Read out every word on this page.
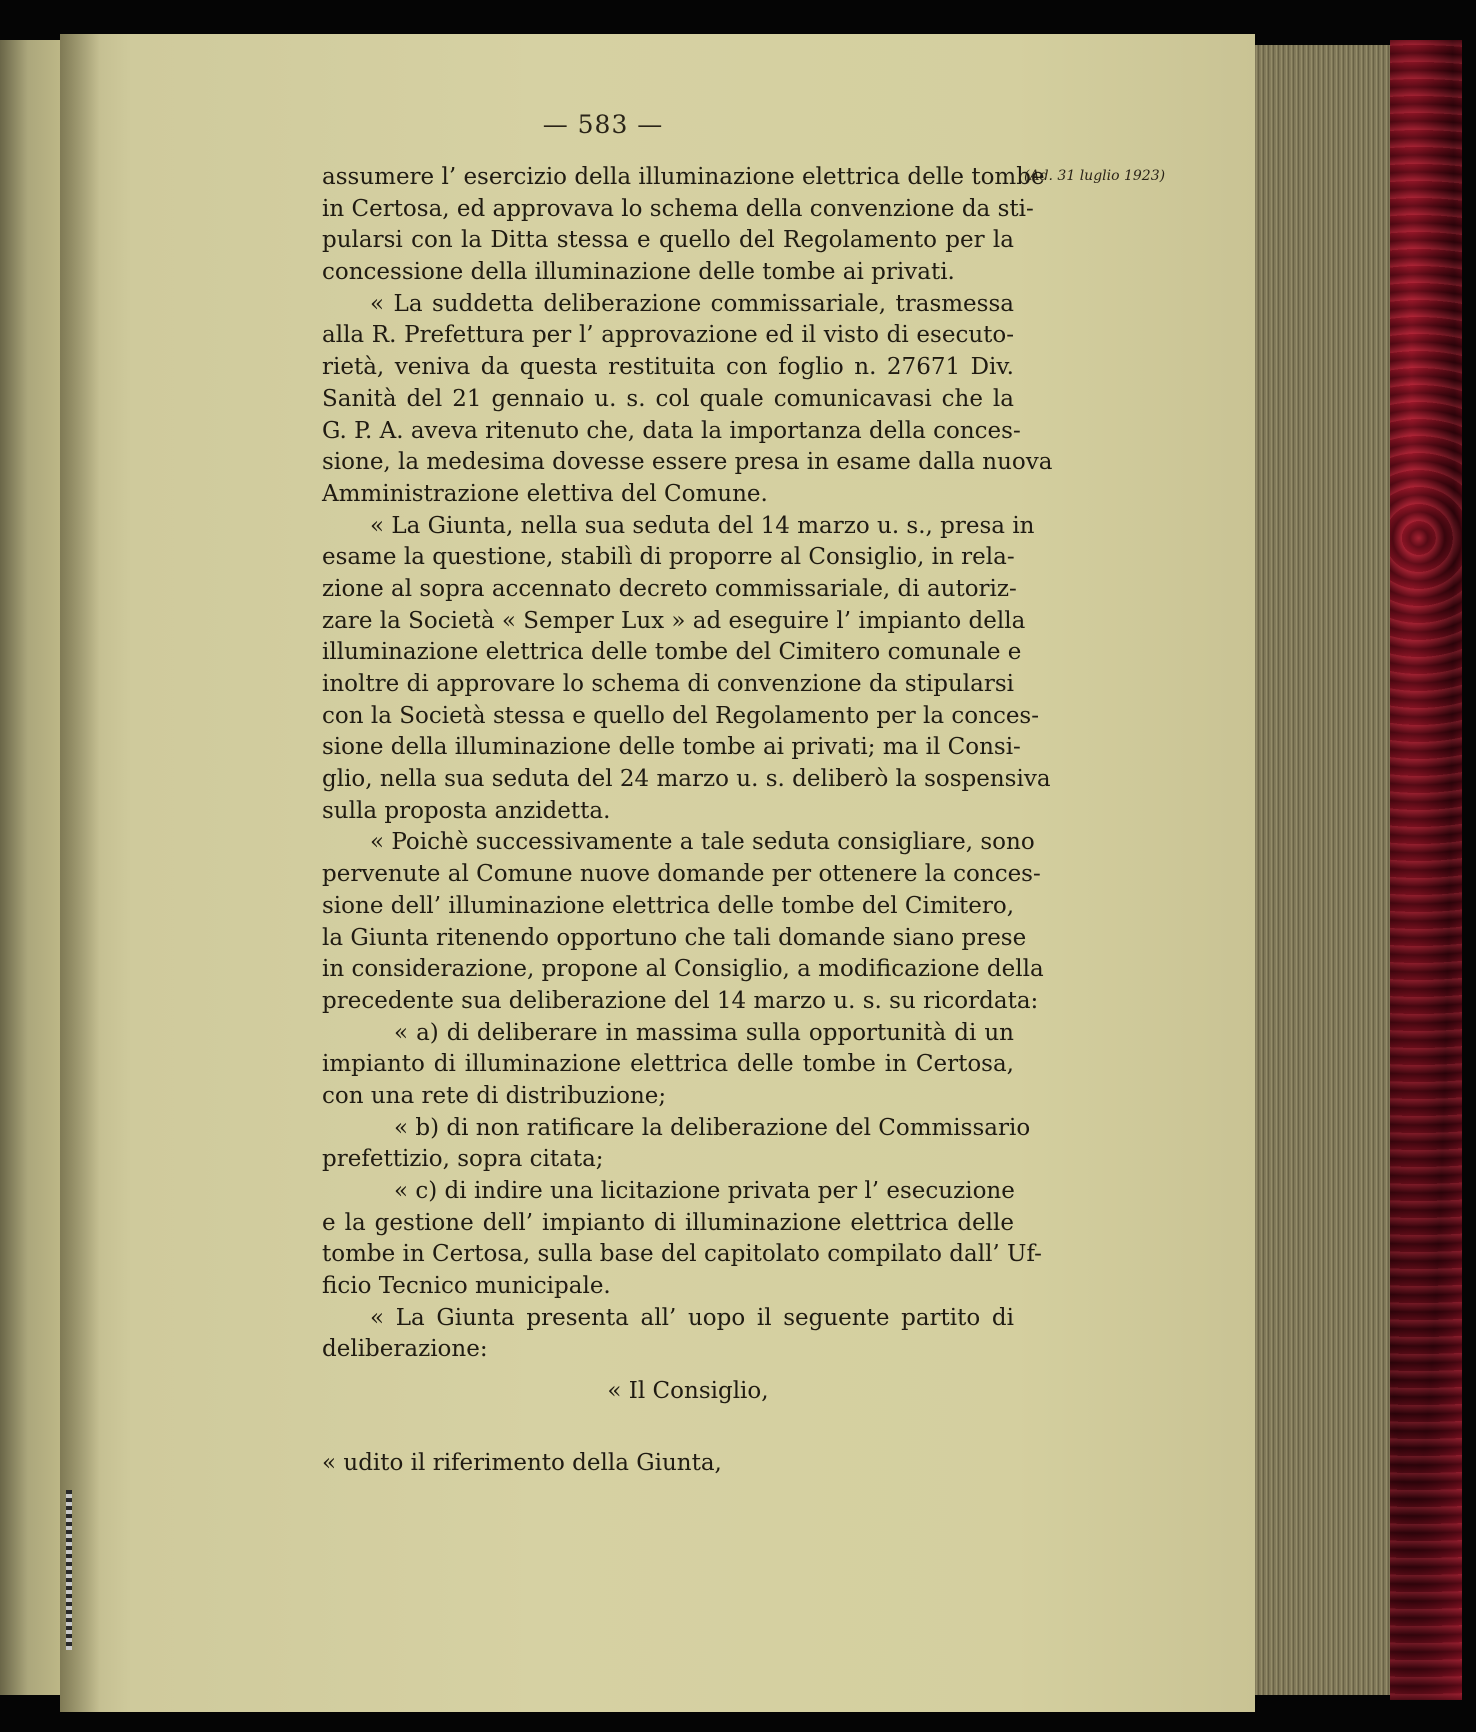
— 583 —
(Ad. 31 luglio 1923)
assumere l’ esercizio della illuminazione elettrica delle tombe
in Certosa, ed approvava lo schema della convenzione da sti-
pularsi con la Ditta stessa e quello del Regolamento per la
concessione della illuminazione delle tombe ai privati.
« La suddetta deliberazione commissariale, trasmessa
alla R. Prefettura per l’ approvazione ed il visto di esecuto-
rietà, veniva da questa restituita con foglio n. 27671 Div.
Sanità del 21 gennaio u. s. col quale comunicavasi che la
G. P. A. aveva ritenuto che, data la importanza della conces-
sione, la medesima dovesse essere presa in esame dalla nuova
Amministrazione elettiva del Comune.
« La Giunta, nella sua seduta del 14 marzo u. s., presa in
esame la questione, stabilì di proporre al Consiglio, in rela-
zione al sopra accennato decreto commissariale, di autoriz-
zare la Società « Semper Lux » ad eseguire l’ impianto della
illuminazione elettrica delle tombe del Cimitero comunale e
inoltre di approvare lo schema di convenzione da stipularsi
con la Società stessa e quello del Regolamento per la conces-
sione della illuminazione delle tombe ai privati; ma il Consi-
glio, nella sua seduta del 24 marzo u. s. deliberò la sospensiva
sulla proposta anzidetta.
« Poichè successivamente a tale seduta consigliare, sono
pervenute al Comune nuove domande per ottenere la conces-
sione dell’ illuminazione elettrica delle tombe del Cimitero,
la Giunta ritenendo opportuno che tali domande siano prese
in considerazione, propone al Consiglio, a modificazione della
precedente sua deliberazione del 14 marzo u. s. su ricordata:
« a) di deliberare in massima sulla opportunità di un
impianto di illuminazione elettrica delle tombe in Certosa,
con una rete di distribuzione;
« b) di non ratificare la deliberazione del Commissario
prefettizio, sopra citata;
« c) di indire una licitazione privata per l’ esecuzione
e la gestione dell’ impianto di illuminazione elettrica delle
tombe in Certosa, sulla base del capitolato compilato dall’ Uf-
ficio Tecnico municipale.
« La Giunta presenta all’ uopo il seguente partito di
deliberazione:
« Il Consiglio,
« udito il riferimento della Giunta,
